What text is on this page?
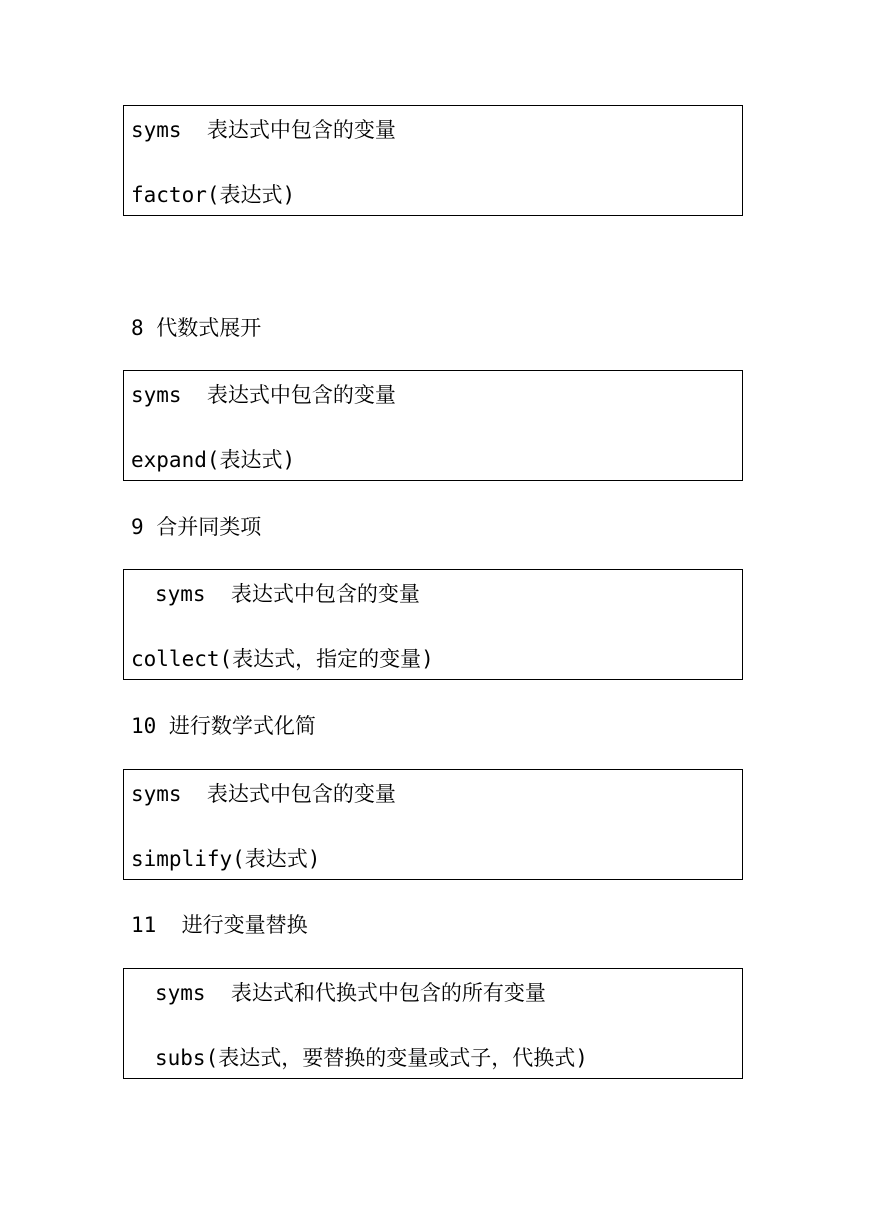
syms  表达式中包含的变量
factor(表达式)
8 代数式展开
syms  表达式中包含的变量
expand(表达式)
9 合并同类项
syms  表达式中包含的变量
collect(表达式，指定的变量)
10 进行数学式化简
syms  表达式中包含的变量
simplify(表达式)
11  进行变量替换
syms  表达式和代换式中包含的所有变量
subs(表达式，要替换的变量或式子，代换式)
